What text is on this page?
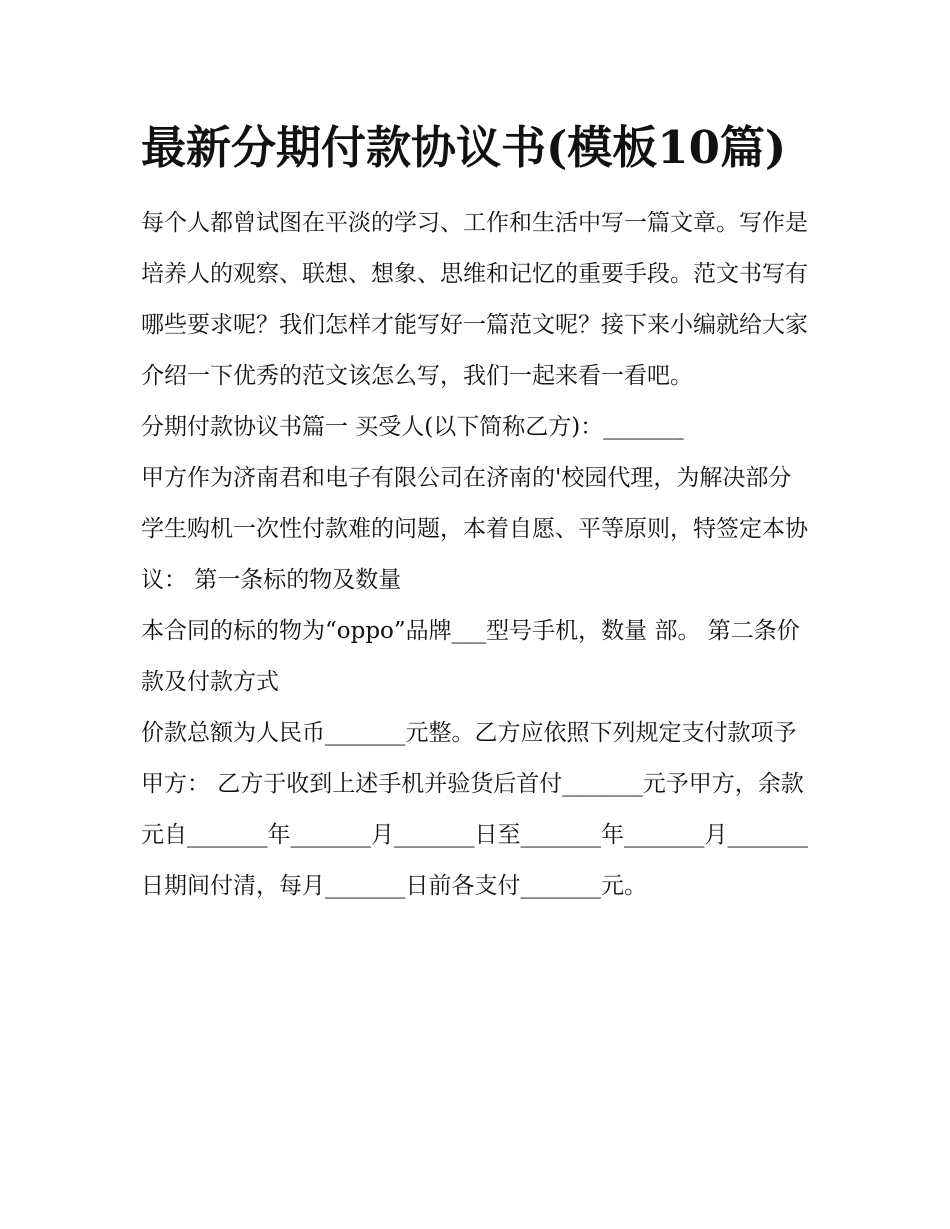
最新分期付款协议书(模板10篇)

每个人都曾试图在平淡的学习、工作和生活中写一篇文章。写作是培养人的观察、联想、想象、思维和记忆的重要手段。范文书写有哪些要求呢？我们怎样才能写好一篇范文呢？接下来小编就给大家介绍一下优秀的范文该怎么写，我们一起来看一看吧。

分期付款协议书篇一 买受人(以下简称乙方)：_______

甲方作为济南君和电子有限公司在济南的'校园代理，为解决部分学生购机一次性付款难的问题，本着自愿、平等原则，特签定本协议： 第一条标的物及数量

本合同的标的物为“oppo”品牌___型号手机，数量 部。 第二条价款及付款方式

价款总额为人民币_______元整。乙方应依照下列规定支付款项予甲方： 乙方于收到上述手机并验货后首付_______元予甲方，余款

元自_______年_______月_______日至_______年_______月_______日期间付清，每月_______日前各支付_______元。
